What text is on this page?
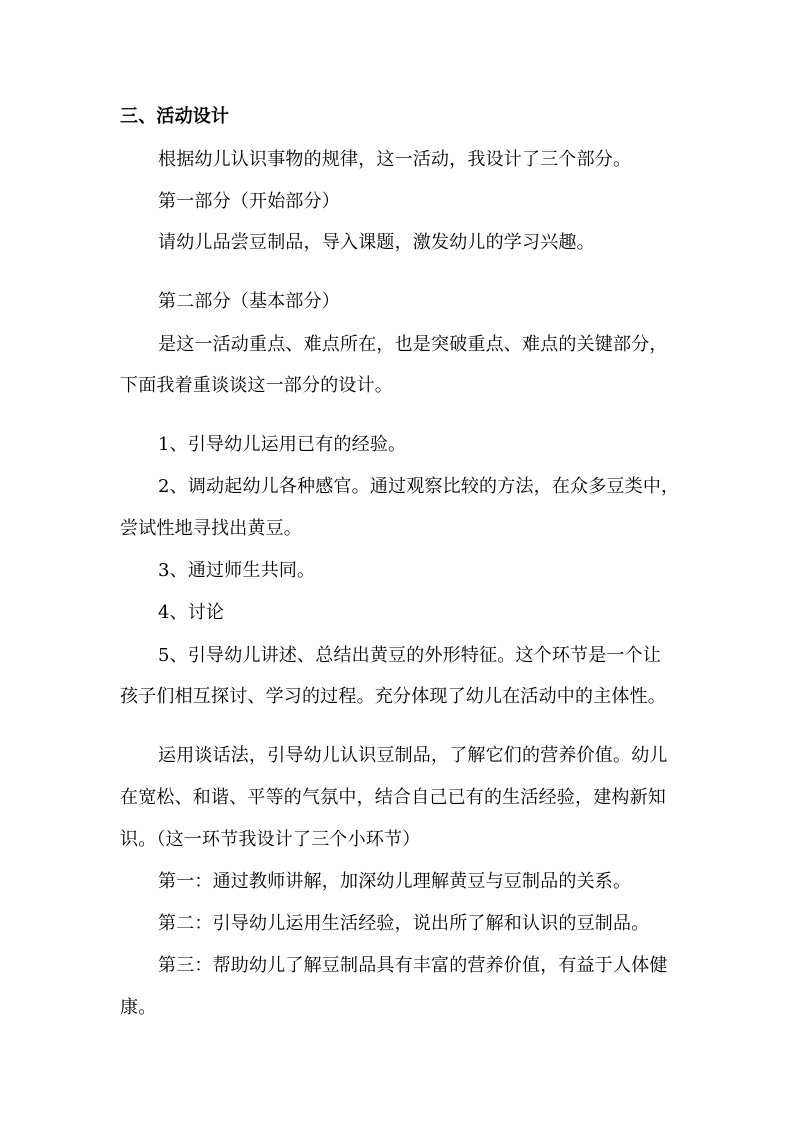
三、活动设计
根据幼儿认识事物的规律，这一活动，我设计了三个部分。
第一部分（开始部分）
请幼儿品尝豆制品，导入课题，激发幼儿的学习兴趣。
第二部分（基本部分）
是这一活动重点、难点所在，也是突破重点、难点的关键部分，
下面我着重谈谈这一部分的设计。
1、引导幼儿运用已有的经验。
2、调动起幼儿各种感官。通过观察比较的方法，在众多豆类中，
尝试性地寻找出黄豆。
3、通过师生共同。
4、讨论
5、引导幼儿讲述、总结出黄豆的外形特征。这个环节是一个让
孩子们相互探讨、学习的过程。充分体现了幼儿在活动中的主体性。
运用谈话法，引导幼儿认识豆制品，了解它们的营养价值。幼儿
在宽松、和谐、平等的气氛中，结合自己已有的生活经验，建构新知
识。（这一环节我设计了三个小环节）
第一：通过教师讲解，加深幼儿理解黄豆与豆制品的关系。
第二：引导幼儿运用生活经验，说出所了解和认识的豆制品。
第三：帮助幼儿了解豆制品具有丰富的营养价值，有益于人体健
康。
